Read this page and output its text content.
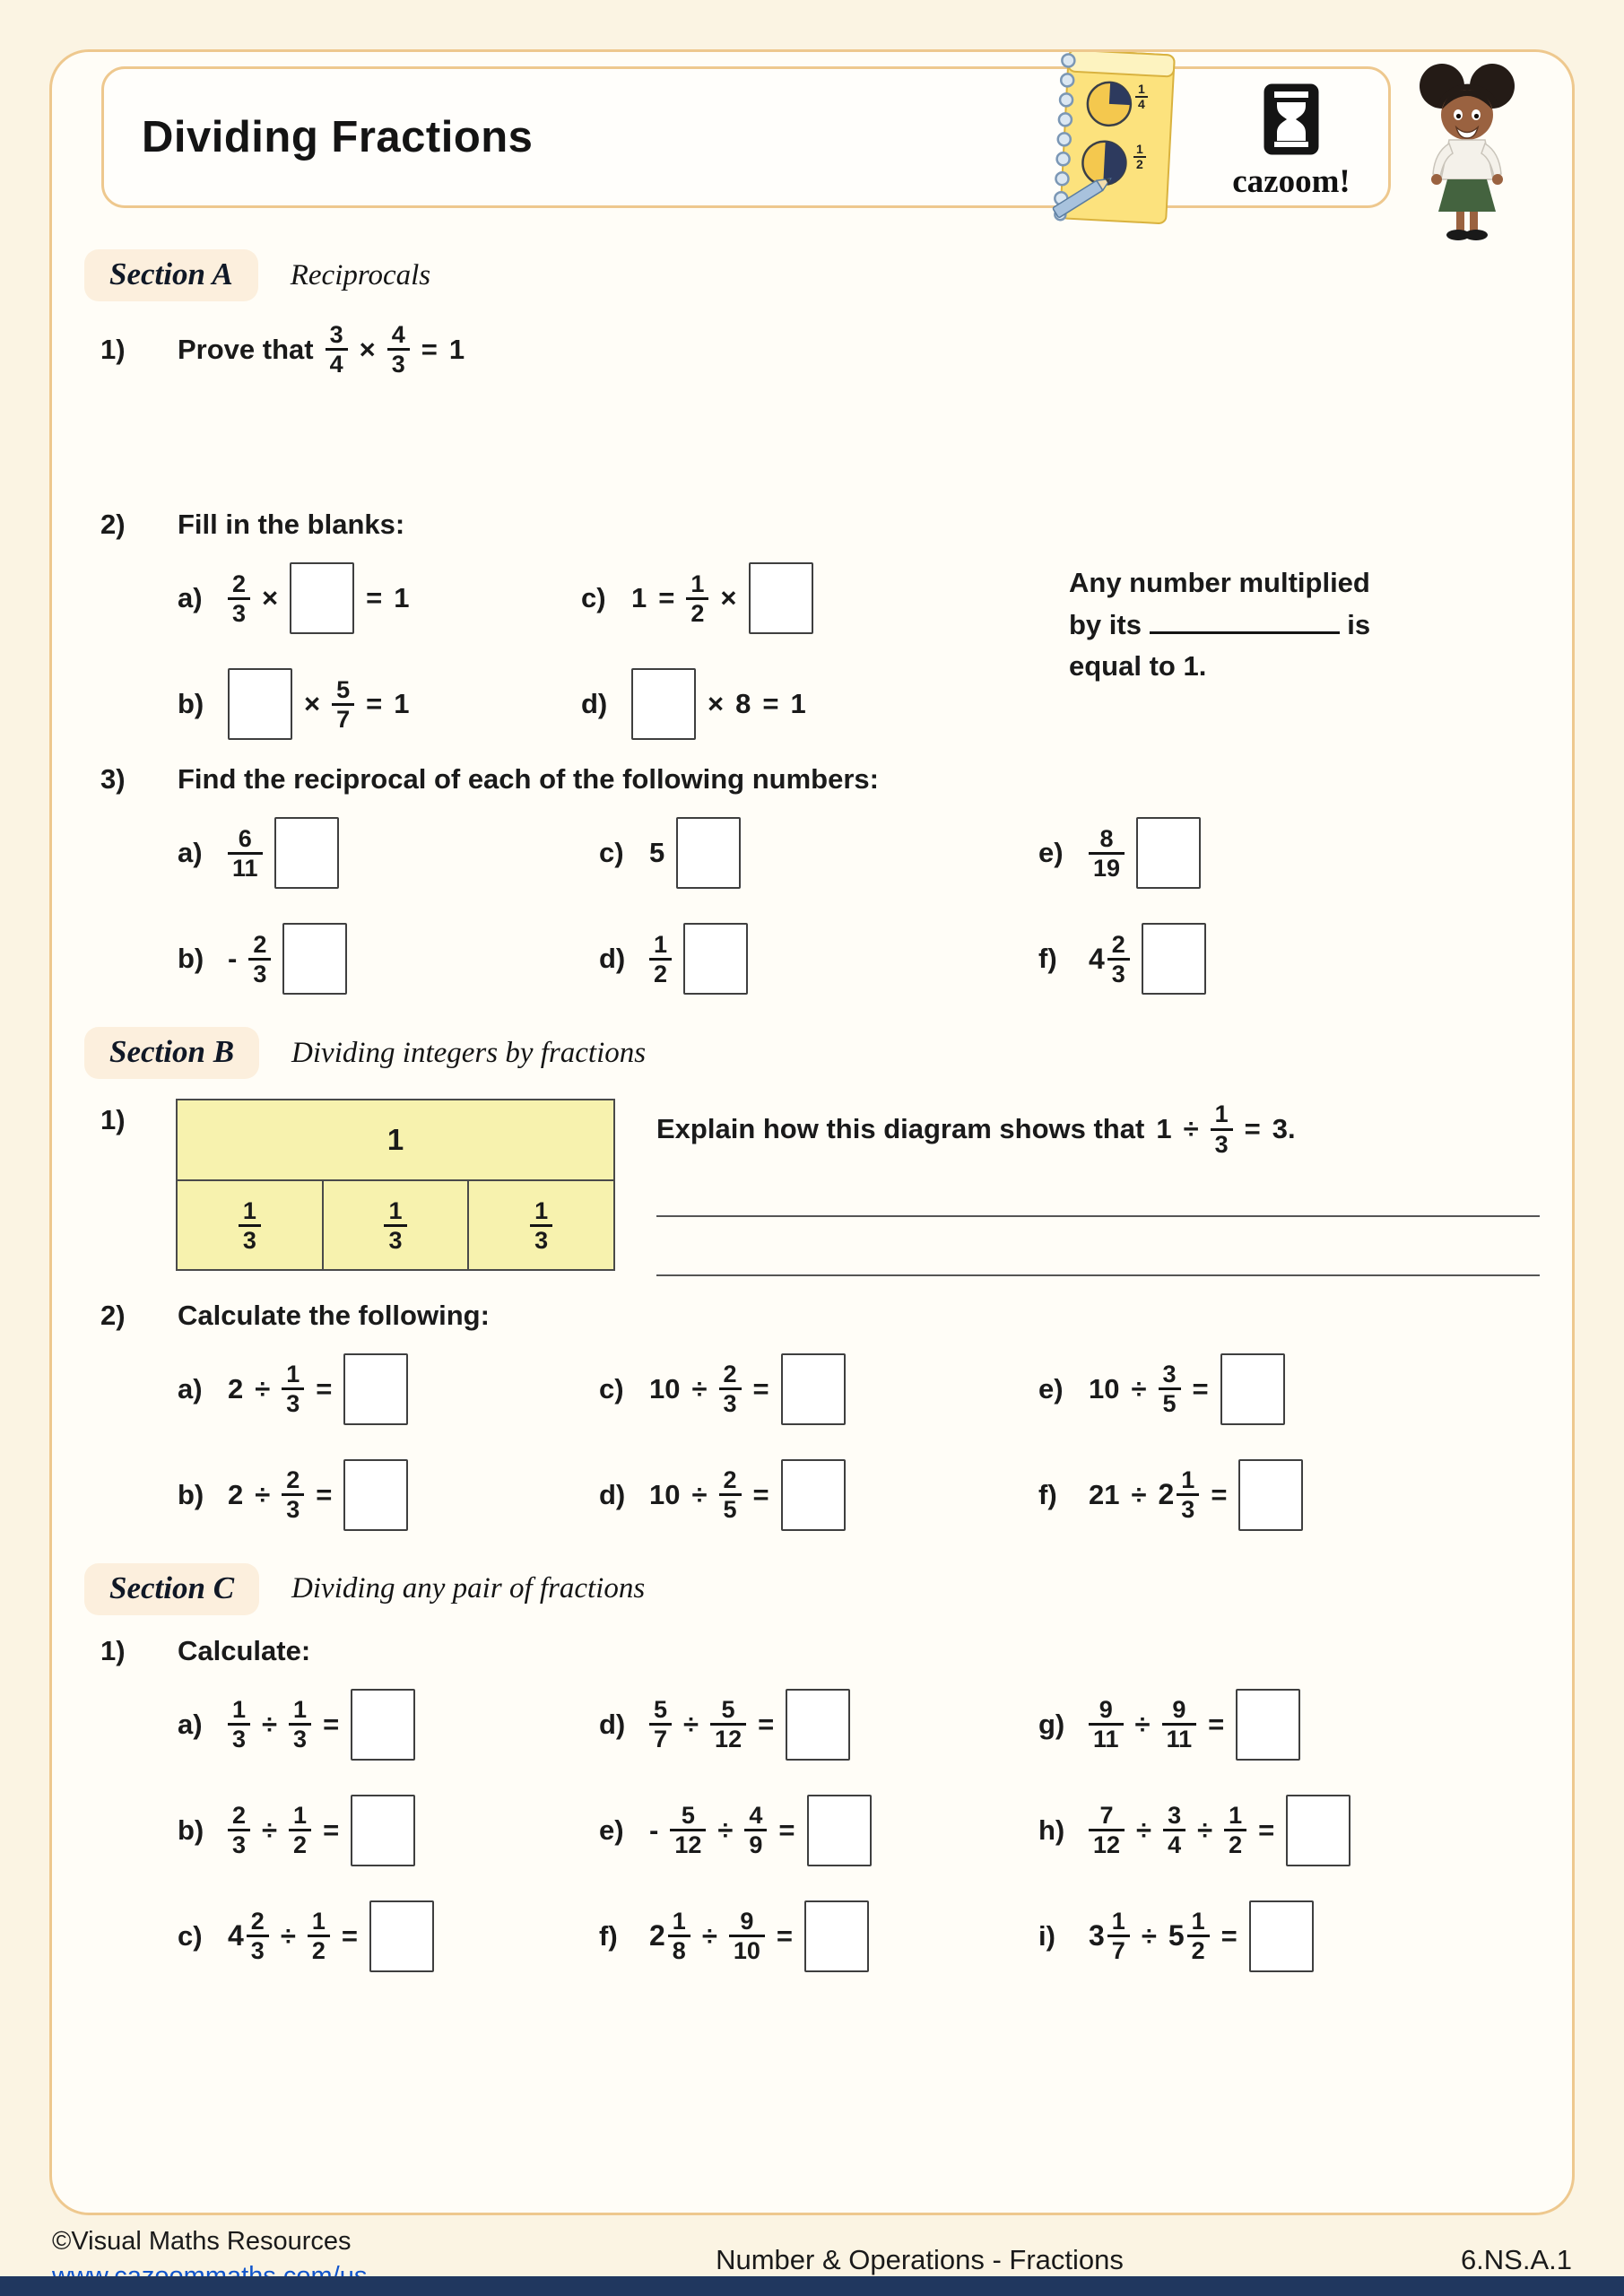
Dividing Fractions
$\frac{1}{4}$
$\frac{1}{2}$
cazoom!
Section A	Reciprocals
1)	Prove that $\frac{3}{4} \times \frac{4}{3} = 1$
2)	Fill in the blanks:
a)	$\frac{2}{3}$ ×	= 1	c) $1 = \frac{1}{2}$ ×
b)	× $\frac{5}{7} = 1$	d)	× 8 = 1
Any number multiplied by its	is equal to 1.
3)	Find the reciprocal of each of the following numbers:
a)	$\frac{6}{11}$	c) 5	e)	$\frac{8}{19}$
$b) - \frac{2}{3}$	$d) \frac{1}{2}$	f)	$4 \frac{2}{3}$
Section B	Dividing integers by fractions
1)
1
$\frac{1}{3}$	$\frac{1}{3}$	$\frac{1}{3}$
Explain how this diagram shows that $1 \div \frac{1}{3} = 3$.
2)	Calculate the following:
a) $2 \div \frac{1}{3}$ =	c) $10 \div \frac{2}{3}$ =	e) $10 \div \frac{3}{5}$ =
b) $2 \div \frac{2}{3}$ =	d) $10 \div \frac{2}{5}$ =	f)	$21 \div 2 \frac{1}{3}$ =
Section C	Dividing any pair of fractions
1)	Calculate:
a)	$\frac{1}{3} \div \frac{1}{3}$ =	$d) \frac{5}{7} \div \frac{5}{12}$ =	$g) \frac{9}{11} \div \frac{9}{11}$ =
$b) \frac{2}{3} \div \frac{1}{2}$ =	$e) - \frac{5}{12} \div \frac{4}{9}$ =	$h) \frac{7}{12} \div \frac{3}{4} \div \frac{1}{2}$ =
c) $4 \frac{2}{3} \div \frac{1}{2}$ =	f)	$2 \frac{1}{8} \div \frac{9}{10}$ =	i)	$3 \frac{1}{7} \div 5 \frac{1}{2}$ =
©Visual Maths Resources
Number & Operations - Fractions	6.NS.A.1
